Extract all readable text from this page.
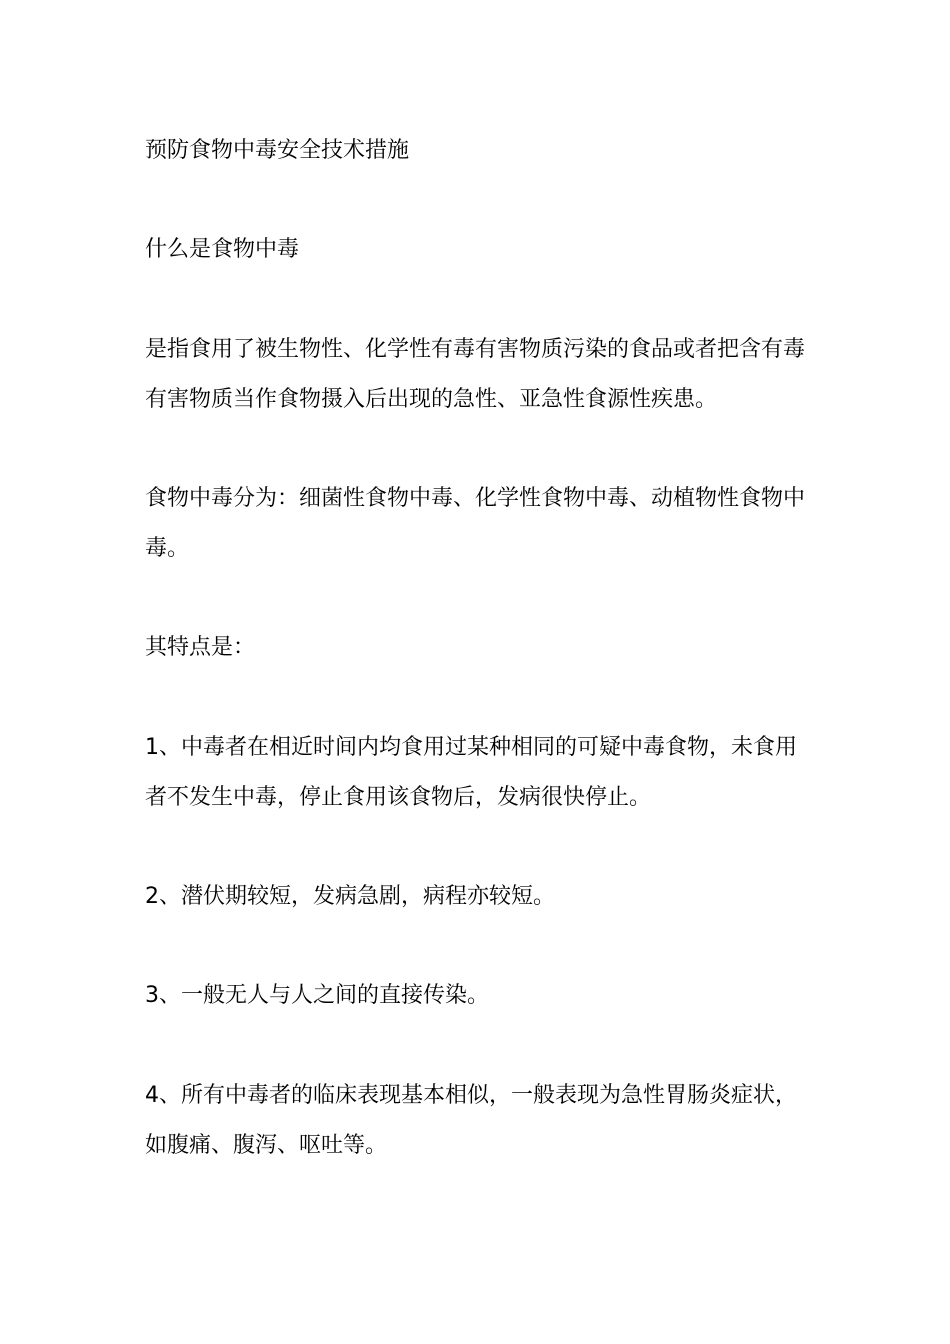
预防食物中毒安全技术措施

什么是食物中毒

是指食用了被生物性、化学性有毒有害物质污染的食品或者把含有毒有害物质当作食物摄入后出现的急性、亚急性食源性疾患。

食物中毒分为：细菌性食物中毒、化学性食物中毒、动植物性食物中毒。

其特点是：

1、中毒者在相近时间内均食用过某种相同的可疑中毒食物，未食用者不发生中毒，停止食用该食物后，发病很快停止。

2、潜伏期较短，发病急剧，病程亦较短。

3、一般无人与人之间的直接传染。

4、所有中毒者的临床表现基本相似，一般表现为急性胃肠炎症状，如腹痛、腹泻、呕吐等。
